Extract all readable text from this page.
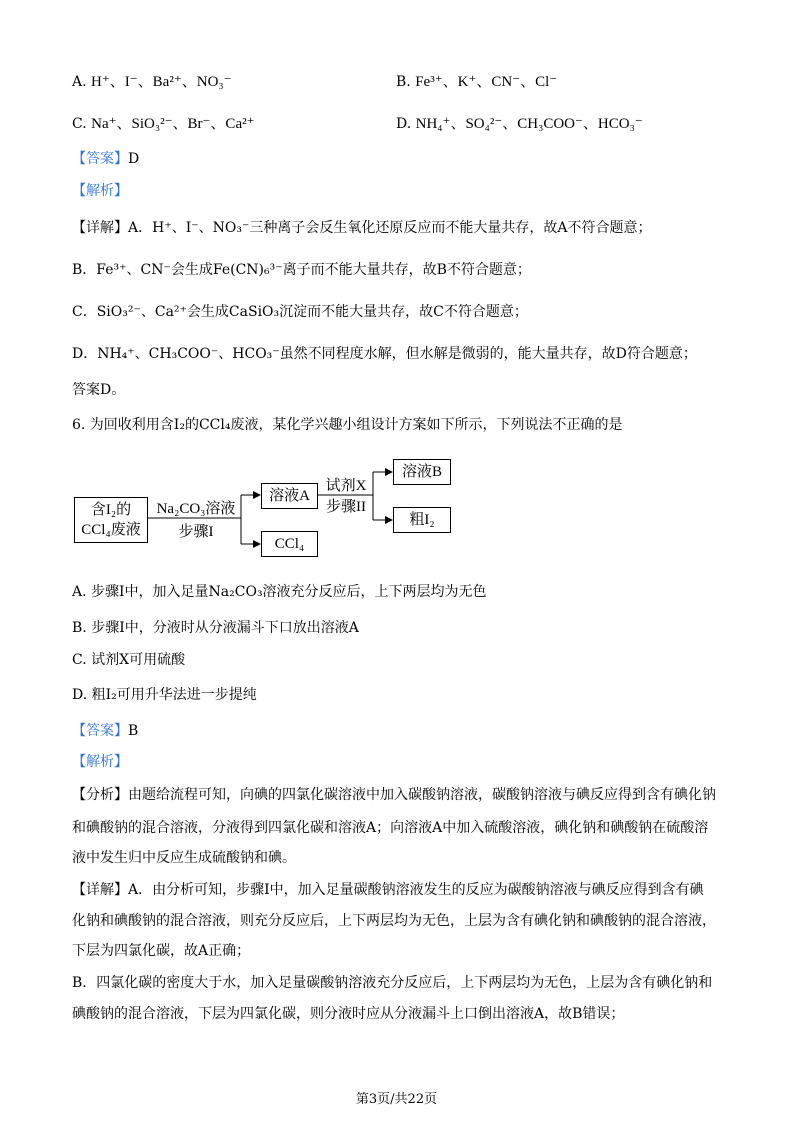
A. H⁺、I⁻、Ba²⁺、NO₃⁻	B. Fe³⁺、K⁺、CN⁻、Cl⁻
C. Na⁺、SiO₃²⁻、Br⁻、Ca²⁺	D. NH₄⁺、SO₄²⁻、CH₃COO⁻、HCO₃⁻
【答案】D
【解析】
【详解】A．H⁺、I⁻、NO₃⁻三种离子会反生氧化还原反应而不能大量共存，故A不符合题意；
B．Fe³⁺、CN⁻会生成Fe(CN)₆³⁻离子而不能大量共存，故B不符合题意；
C．SiO₃²⁻、Ca²⁺会生成CaSiO₃沉淀而不能大量共存，故C不符合题意；
D．NH₄⁺、CH₃COO⁻、HCO₃⁻虽然不同程度水解，但水解是微弱的，能大量共存，故D符合题意；
答案D。
6. 为回收利用含I₂的CCl₄废液，某化学兴趣小组设计方案如下所示，下列说法不正确的是
含I₂的
CCl₄废液
Na₂CO₃溶液
步骤I
溶液A
CCl₄
试剂X
步骤II
溶液B
粗I₂
A. 步骤I中，加入足量Na₂CO₃溶液充分反应后，上下两层均为无色
B. 步骤I中，分液时从分液漏斗下口放出溶液A
C. 试剂X可用硫酸
D. 粗I₂可用升华法进一步提纯
【答案】B
【解析】
【分析】由题给流程可知，向碘的四氯化碳溶液中加入碳酸钠溶液，碳酸钠溶液与碘反应得到含有碘化钠
和碘酸钠的混合溶液，分液得到四氯化碳和溶液A；向溶液A中加入硫酸溶液，碘化钠和碘酸钠在硫酸溶
液中发生归中反应生成硫酸钠和碘。
【详解】A．由分析可知，步骤I中，加入足量碳酸钠溶液发生的反应为碳酸钠溶液与碘反应得到含有碘
化钠和碘酸钠的混合溶液，则充分反应后，上下两层均为无色，上层为含有碘化钠和碘酸钠的混合溶液，
下层为四氯化碳，故A正确；
B．四氯化碳的密度大于水，加入足量碳酸钠溶液充分反应后，上下两层均为无色，上层为含有碘化钠和
碘酸钠的混合溶液，下层为四氯化碳，则分液时应从分液漏斗上口倒出溶液A，故B错误；
第3页/共22页
